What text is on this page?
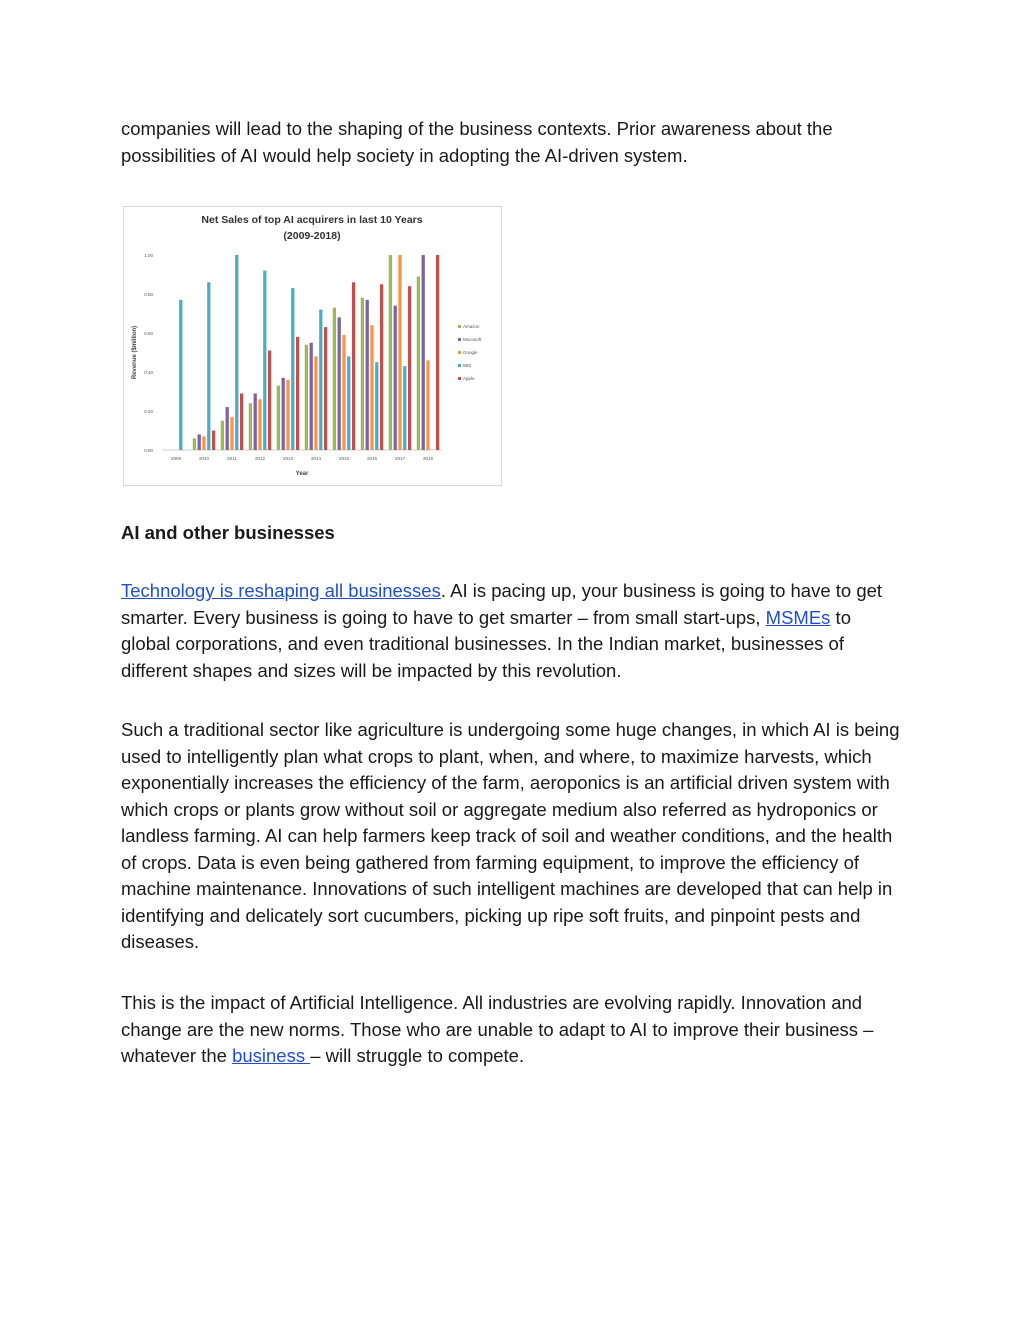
companies will lead to the shaping of the business contexts. Prior awareness about the possibilities of AI would help society in adopting the AI-driven system.

Net Sales of top AI acquirers in last 10 Years
(2009-2018)
0.00
0.20
0.40
0.60
0.80
1.00
Revenue ($million)
2009	2010	2011	2012	2013	2014	2015	2016	2017	2018
Year
Amazon
Microsoft
Google
IBM
Apple
AI and other businesses

Technology is reshaping all businesses. AI is pacing up, your business is going to have to get smarter. Every business is going to have to get smarter – from small start-ups, MSMEs to global corporations, and even traditional businesses. In the Indian market, businesses of different shapes and sizes will be impacted by this revolution.

Such a traditional sector like agriculture is undergoing some huge changes, in which AI is being used to intelligently plan what crops to plant, when, and where, to maximize harvests, which exponentially increases the efficiency of the farm, aeroponics is an artificial driven system with which crops or plants grow without soil or aggregate medium also referred as hydroponics or landless farming. AI can help farmers keep track of soil and weather conditions, and the health of crops. Data is even being gathered from farming equipment, to improve the efficiency of machine maintenance. Innovations of such intelligent machines are developed that can help in identifying and delicately sort cucumbers, picking up ripe soft fruits, and pinpoint pests and diseases.

This is the impact of Artificial Intelligence. All industries are evolving rapidly. Innovation and change are the new norms. Those who are unable to adapt to AI to improve their business – whatever the business – will struggle to compete.
